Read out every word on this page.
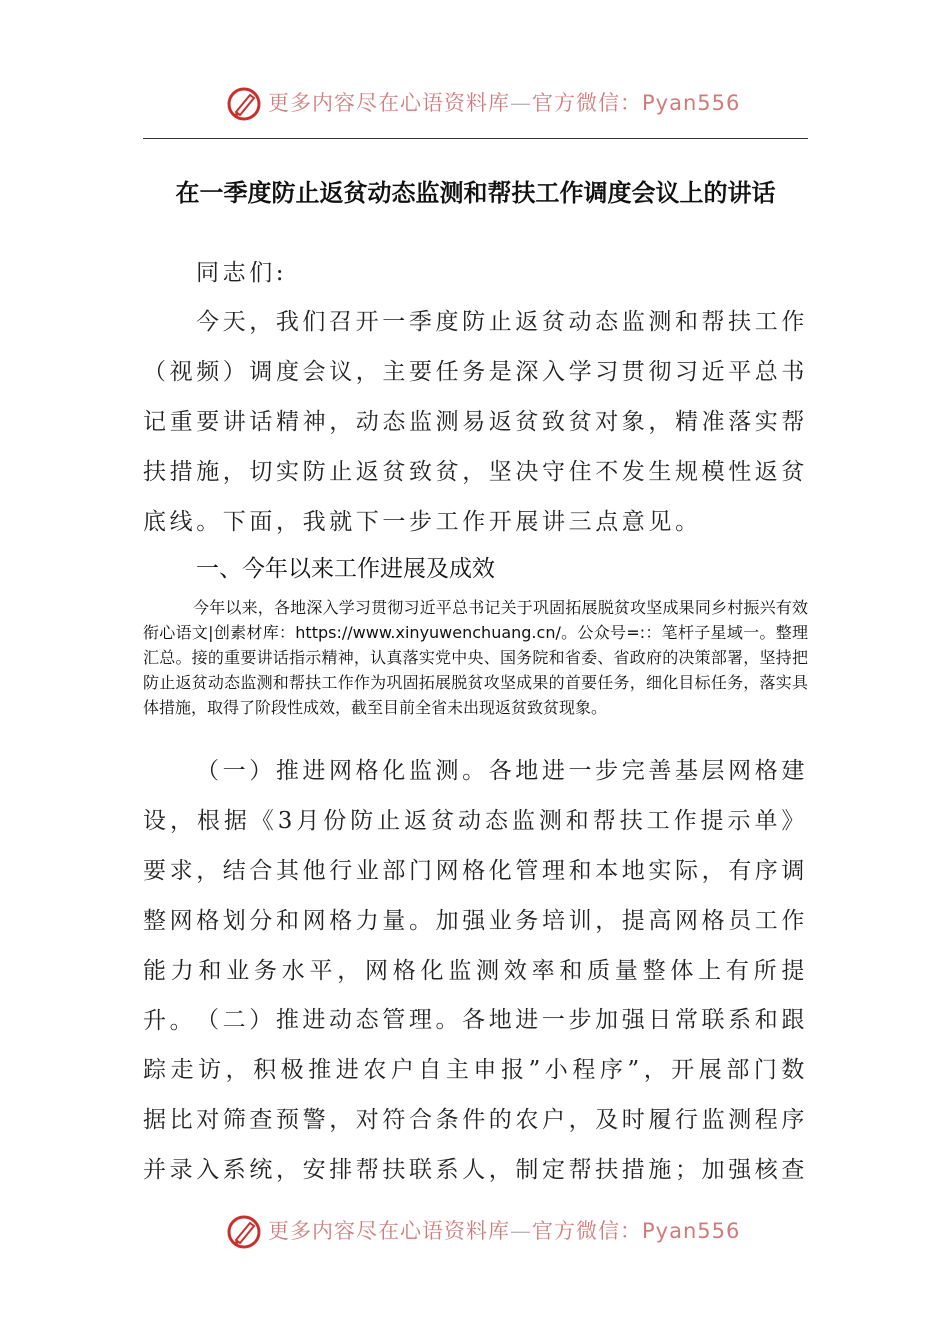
更多内容尽在心语资料库—官方微信：Pyan556
在一季度防止返贫动态监测和帮扶工作调度会议上的讲话

同志们:

今天，我们召开一季度防止返贫动态监测和帮扶工作（视频）调度会议，主要任务是深入学习贯彻习近平总书记重要讲话精神，动态监测易返贫致贫对象，精准落实帮扶措施，切实防止返贫致贫，坚决守住不发生规模性返贫底线。下面，我就下一步工作开展讲三点意见。

一、今年以来工作进展及成效

今年以来，各地深入学习贯彻习近平总书记关于巩固拓展脱贫攻坚成果同乡村振兴有效衔心语文|创素材库：https://www.xinyuwenchuang.cn/。公众号=:：笔杆子星域一。整理汇总。接的重要讲话指示精神，认真落实党中央、国务院和省委、省政府的决策部署，坚持把防止返贫动态监测和帮扶工作作为巩固拓展脱贫攻坚成果的首要任务，细化目标任务，落实具体措施，取得了阶段性成效，截至目前全省未出现返贫致贫现象。

（一）推进网格化监测。各地进一步完善基层网格建设，根据《3月份防止返贫动态监测和帮扶工作提示单》要求，结合其他行业部门网格化管理和本地实际，有序调整网格划分和网格力量。加强业务培训，提高网格员工作能力和业务水平，网格化监测效率和质量整体上有所提升。 （二）推进动态管理。各地进一步加强日常联系和跟踪走访，积极推进农户自主申报”小程序”，开展部门数据比对筛查预警，对符合条件的农户，及时履行监测程序并录入系统，安排帮扶联系人，制定帮扶措施；加强核查

更多内容尽在心语资料库—官方微信：Pyan556
